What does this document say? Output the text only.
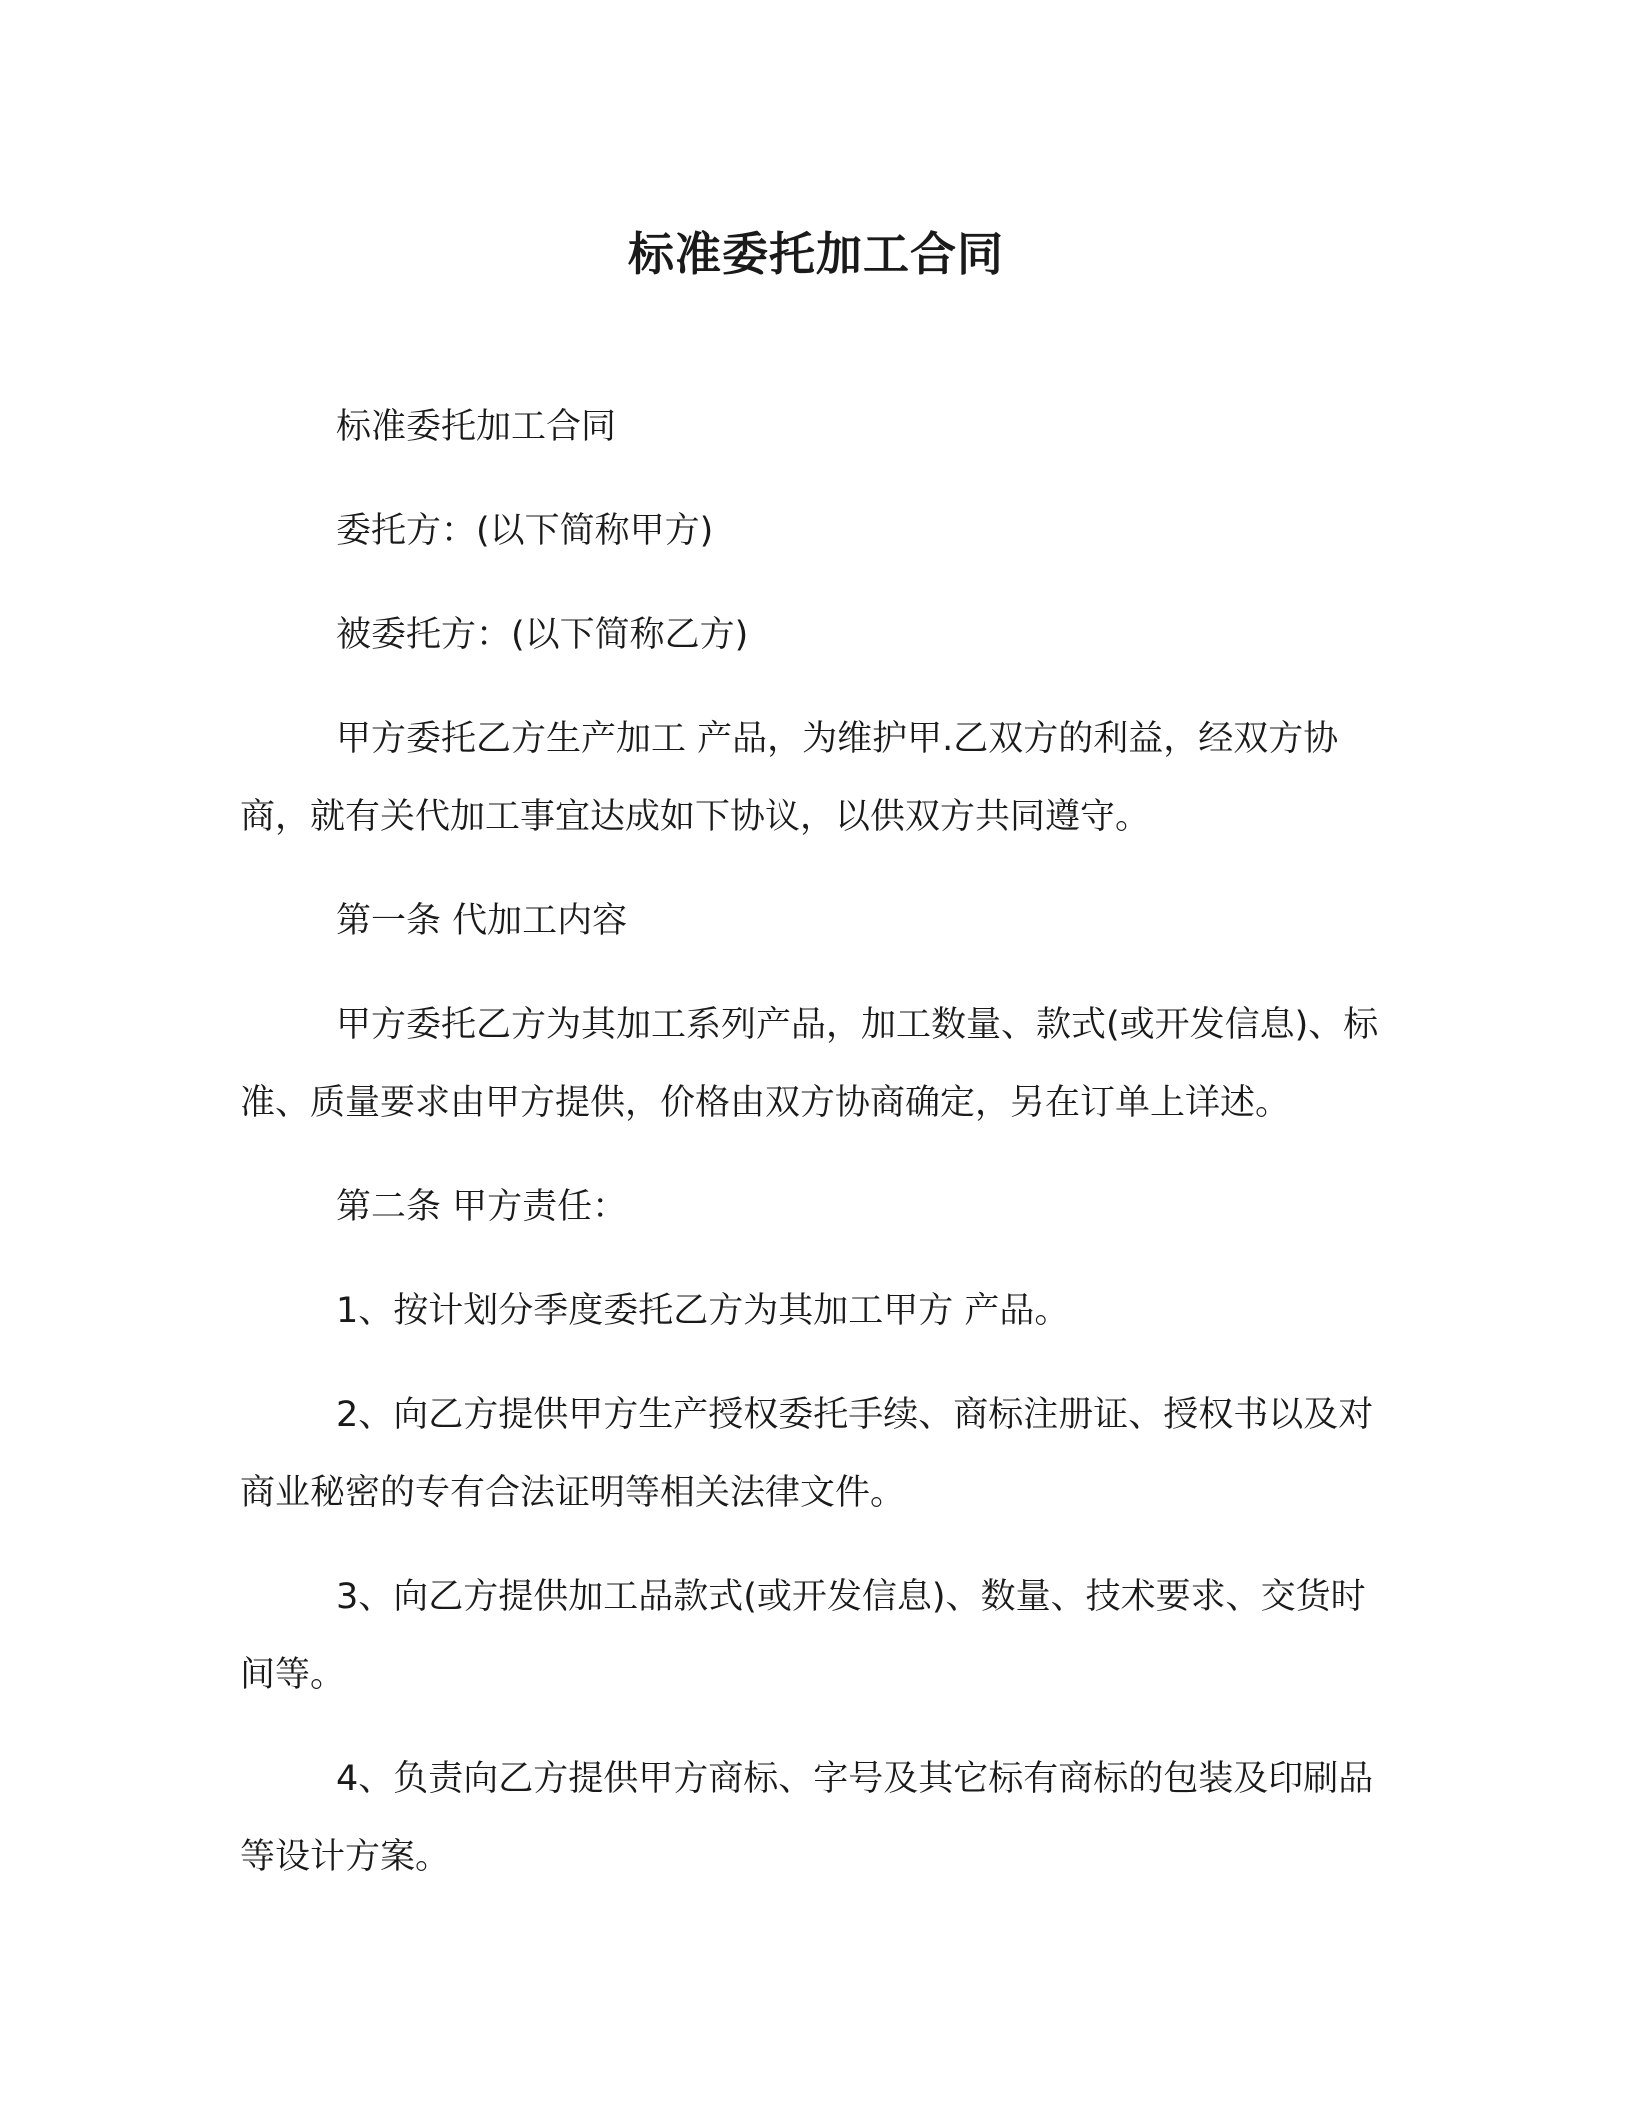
标准委托加工合同

标准委托加工合同

委托方：(以下简称甲方)

被委托方：(以下简称乙方)

甲方委托乙方生产加工 产品，为维护甲.乙双方的利益，经双方协商，就有关代加工事宜达成如下协议，以供双方共同遵守。

第一条 代加工内容

甲方委托乙方为其加工系列产品，加工数量、款式(或开发信息)、标准、质量要求由甲方提供，价格由双方协商确定，另在订单上详述。

第二条 甲方责任：

1、按计划分季度委托乙方为其加工甲方 产品。

2、向乙方提供甲方生产授权委托手续、商标注册证、授权书以及对商业秘密的专有合法证明等相关法律文件。

3、向乙方提供加工品款式(或开发信息)、数量、技术要求、交货时间等。

4、负责向乙方提供甲方商标、字号及其它标有商标的包装及印刷品等设计方案。
